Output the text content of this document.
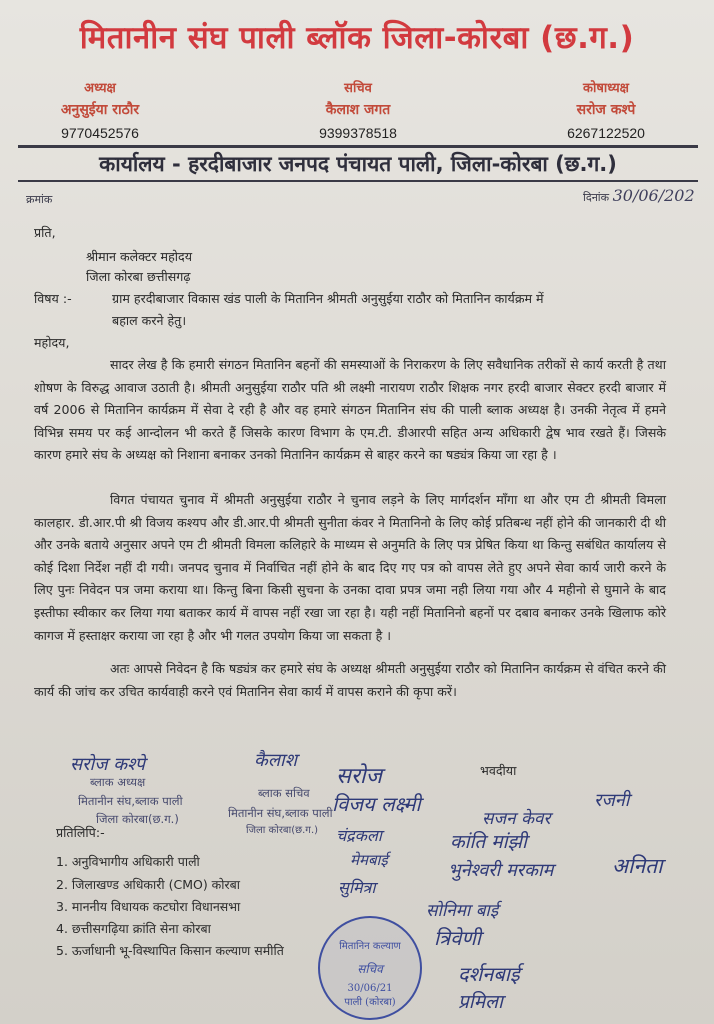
मितानीन संघ पाली ब्लॉक जिला-कोरबा (छ.ग.)
अध्यक्ष
अनुसुईया राठौर
9770452576
सचिव
कैलाश जगत
9399378518
कोषाध्यक्ष
सरोज कश्पे
6267122520
कार्यालय - हरदीबाजार जनपद पंचायत पाली, जिला-कोरबा (छ.ग.)
क्रमांक	दिनांक 30/06/202
प्रति,
श्रीमान कलेक्टर महोदय
जिला कोरबा छत्तीसगढ़
विषय :-	ग्राम हरदीबाजार विकास खंड पाली के मितानिन श्रीमती अनुसुईया राठौर को मितानिन कार्यक्रम में
बहाल करने हेतु।
महोदय,
सादर लेख है कि हमारी संगठन मितानिन बहनों की समस्याओं के निराकरण के लिए सवैधानिक तरीकों से कार्य करती है तथा शोषण के विरुद्ध आवाज उठाती है। श्रीमती अनुसुईया राठौर पति श्री लक्ष्मी नारायण राठौर शिक्षक नगर हरदी बाजार सेक्टर हरदी बाजार में वर्ष 2006 से मितानिन कार्यक्रम में सेवा दे रही है और वह हमारे संगठन मितानिन संघ की पाली ब्लाक अध्यक्ष है। उनकी नेतृत्व में हमने विभिन्न समय पर कई आन्दोलन भी करते हैं जिसके कारण विभाग के एम.टी. डीआरपी सहित अन्य अधिकारी द्वेष भाव रखते हैं। जिसके कारण हमारे संघ के अध्यक्ष को निशाना बनाकर उनको मितानिन कार्यक्रम से बाहर करने का षड्यंत्र किया जा रहा है ।
विगत पंचायत चुनाव में श्रीमती अनुसुईया राठौर ने चुनाव लड़ने के लिए मार्गदर्शन माँगा था और एम टी श्रीमती विमला कालहार. डी.आर.पी श्री विजय कश्यप और डी.आर.पी श्रीमती सुनीता कंवर ने मितानिनो के लिए कोई प्रतिबन्ध नहीं होने की जानकारी दी थी और उनके बताये अनुसार अपने एम टी श्रीमती विमला कलिहारे के माध्यम से अनुमति के लिए पत्र प्रेषित किया था किन्तु सबंधित कार्यालय से कोई दिशा निर्देश नहीं दी गयी। जनपद चुनाव में निर्वाचित नहीं होने के बाद दिए गए पत्र को वापस लेते हुए अपने सेवा कार्य जारी करने के लिए पुनः निवेदन पत्र जमा कराया था। किन्तु बिना किसी सुचना के उनका दावा प्रपत्र जमा नही लिया गया और 4 महीनो से घुमाने के बाद इस्तीफा स्वीकार कर लिया गया बताकर कार्य में वापस नहीं रखा जा रहा है। यही नहीं मितानिनो बहनों पर दबाव बनाकर उनके खिलाफ कोरे कागज में हस्ताक्षर कराया जा रहा है और भी गलत उपयोग किया जा सकता है ।
अतः आपसे निवेदन है कि षड्यंत्र कर हमारे संघ के अध्यक्ष श्रीमती अनुसुईया राठौर को मितानिन कार्यक्रम से वंचित करने की कार्य की जांच कर उचित कार्यवाही करने एवं मितानिन सेवा कार्य में वापस कराने की कृपा करें।
सरोज कश्पे
ब्लाक अध्यक्ष
मितानीन संघ,ब्लाक पाली
जिला कोरबा(छ.ग.)
कैलाश
ब्लाक सचिव
मितानीन संघ,ब्लाक पाली
जिला कोरबा(छ.ग.)
सरोज	भवदीया
रजनी
विजय लक्ष्मी
सजन केवर
चंद्रकला	कांति मांझी
मेमबाई	भुनेश्वरी मरकाम	अनिता
सुमित्रा
सोनिमा बाई
त्रिवेणी
दर्शनबाई
प्रमिला
प्रतिलिपि:-
1. अनुविभागीय अधिकारी पाली
2. जिलाखण्ड अधिकारी (CMO) कोरबा
3. माननीय विधायक कटघोरा विधानसभा
4. छत्तीसगढ़िया क्रांति सेना कोरबा
5. ऊर्जाधानी भू-विस्थापित किसान कल्याण समीति	मितानिन कल्याण
सचिव
30/06/21
पाली (कोरबा)
